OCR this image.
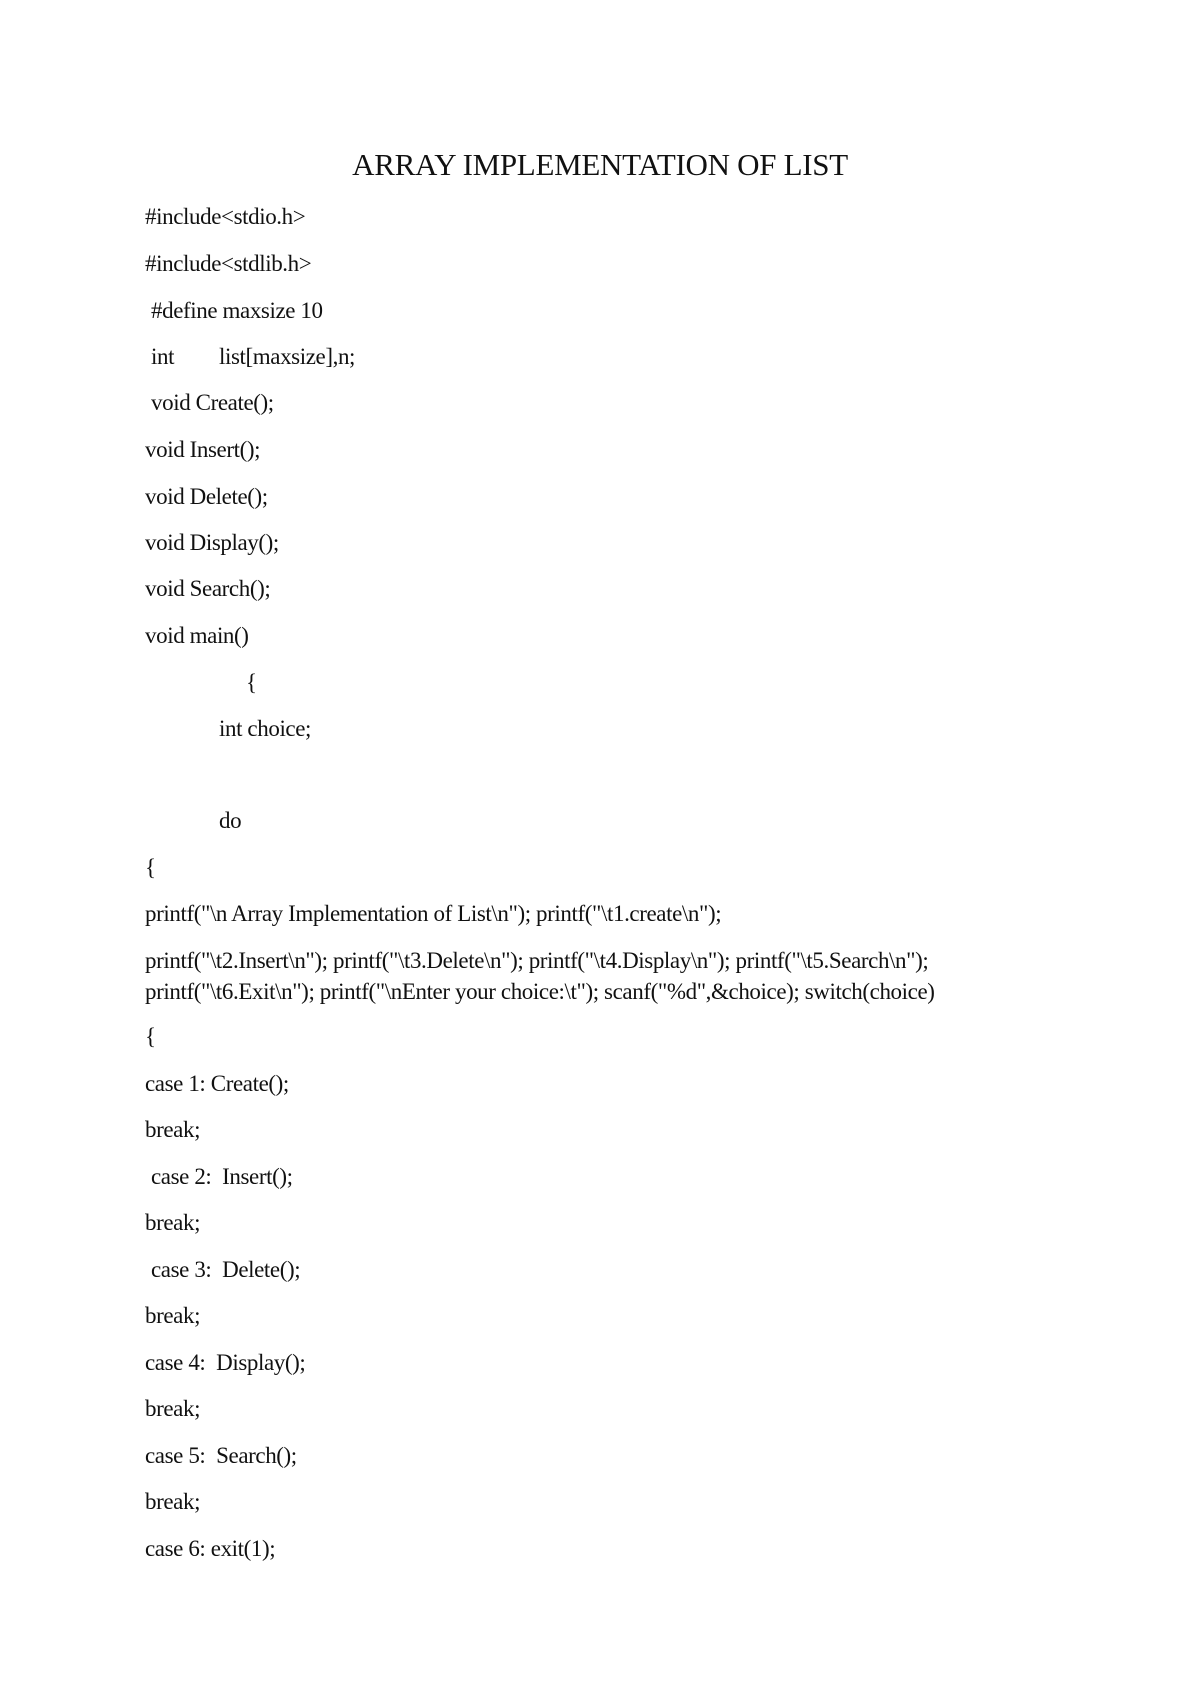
ARRAY IMPLEMENTATION OF LIST
#include<stdio.h>
#include<stdlib.h>
#define maxsize 10
int list[maxsize],n;
void Create();
void Insert();
void Delete();
void Display();
void Search();
void main()
{
int choice;
do
{
printf("\n Array Implementation of List\n"); printf("\t1.create\n");
printf("\t2.Insert\n"); printf("\t3.Delete\n"); printf("\t4.Display\n"); printf("\t5.Search\n");
printf("\t6.Exit\n"); printf("\nEnter your choice:\t"); scanf("%d",&choice); switch(choice)
{
case 1: Create();
break;
case 2:  Insert();
break;
case 3:  Delete();
break;
case 4:  Display();
break;
case 5:  Search();
break;
case 6: exit(1);
